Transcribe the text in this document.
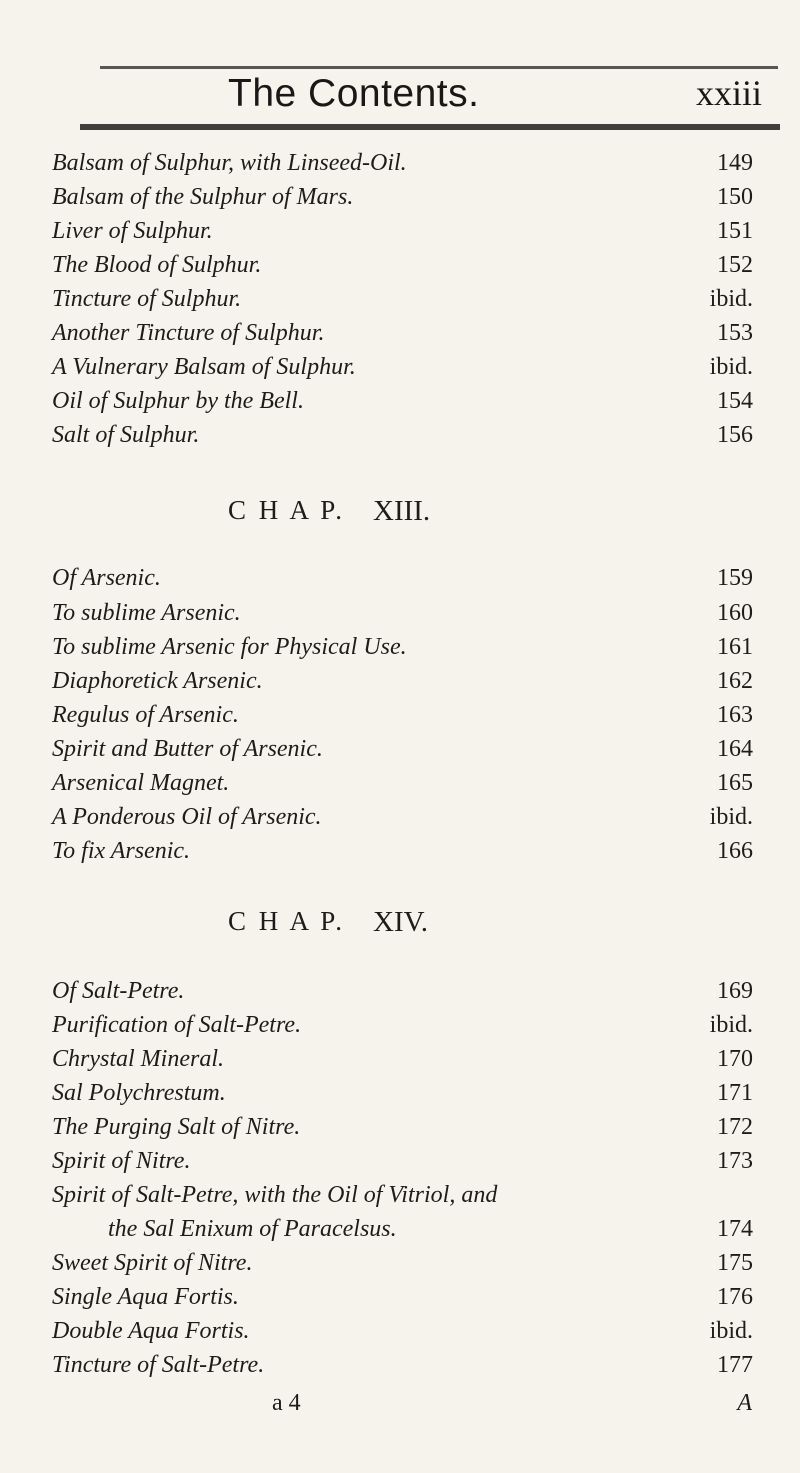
The Contents.	xxiii
Balsam of Sulphur, with Linseed-Oil.	149
Balsam of the Sulphur of Mars.	150
Liver of Sulphur.	151
The Blood of Sulphur.	152
Tincture of Sulphur.	ibid.
Another Tincture of Sulphur.	153
A Vulnerary Balsam of Sulphur.	ibid.
Oil of Sulphur by the Bell.	154
Salt of Sulphur.	156
C H A P. XIII.
Of Arsenic.	159
To sublime Arsenic.	160
To sublime Arsenic for Physical Use.	161
Diaphoretick Arsenic.	162
Regulus of Arsenic.	163
Spirit and Butter of Arsenic.	164
Arsenical Magnet.	165
A Ponderous Oil of Arsenic.	ibid.
To fix Arsenic.	166
C H A P. XIV.
Of Salt-Petre.	169
Purification of Salt-Petre.	ibid.
Chrystal Mineral.	170
Sal Polychrestum.	171
The Purging Salt of Nitre.	172
Spirit of Nitre.	173
Spirit of Salt-Petre, with the Oil of Vitriol, and
the Sal Enixum of Paracelsus.	174
Sweet Spirit of Nitre.	175
Single Aqua Fortis.	176
Double Aqua Fortis.	ibid.
Tincture of Salt-Petre.	177
a 4	A
